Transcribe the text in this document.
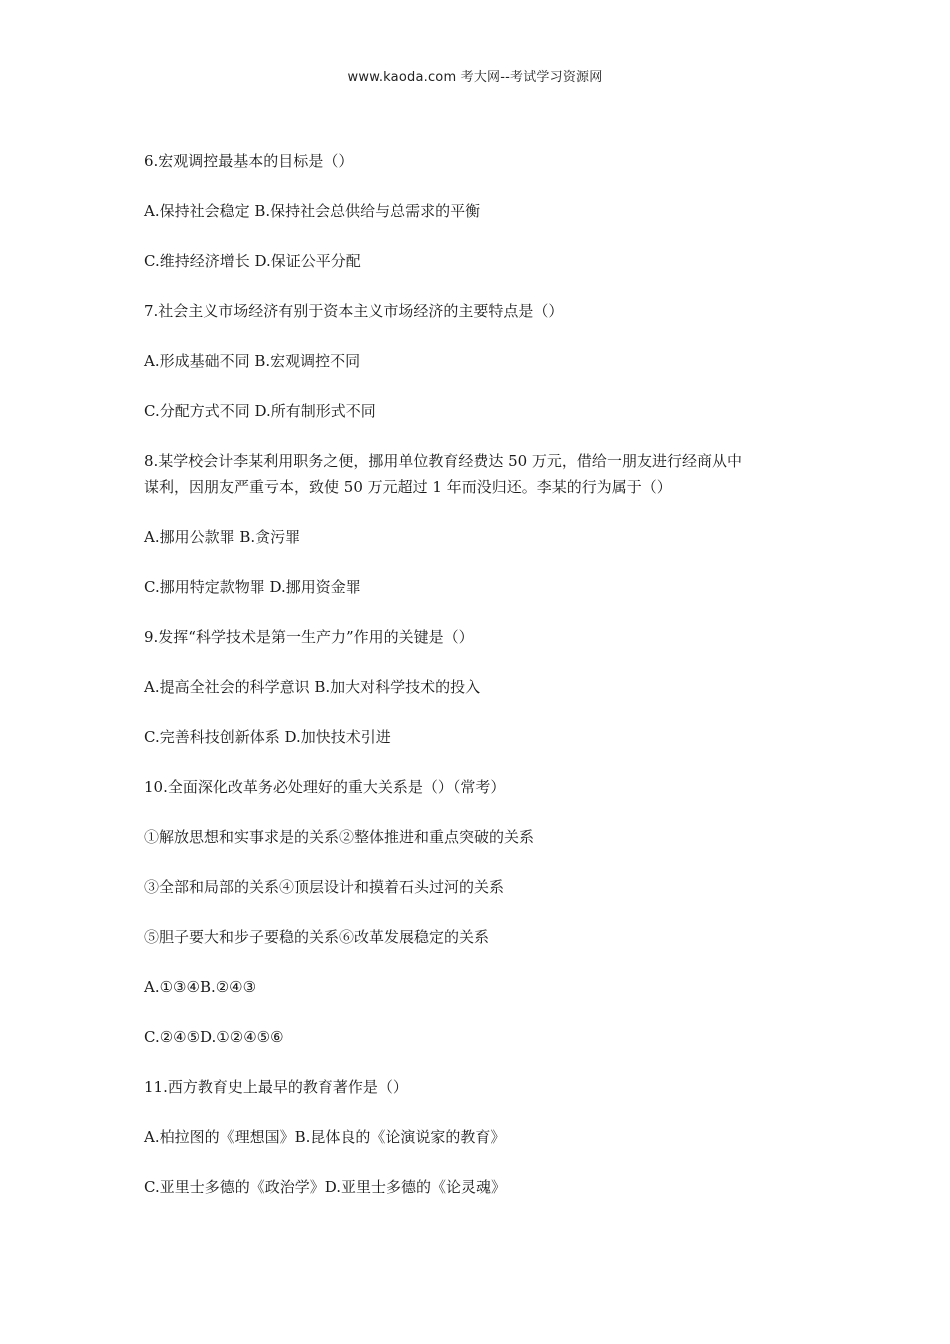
www.kaoda.com 考大网--考试学习资源网
6.宏观调控最基本的目标是（）
A.保持社会稳定 B.保持社会总供给与总需求的平衡
C.维持经济增长 D.保证公平分配
7.社会主义市场经济有别于资本主义市场经济的主要特点是（）
A.形成基础不同 B.宏观调控不同
C.分配方式不同 D.所有制形式不同
8.某学校会计李某利用职务之便，挪用单位教育经费达 50 万元，借给一朋友进行经商从中
谋利，因朋友严重亏本，致使 50 万元超过 1 年而没归还。李某的行为属于（）
A.挪用公款罪 B.贪污罪
C.挪用特定款物罪 D.挪用资金罪
9.发挥“科学技术是第一生产力”作用的关键是（）
A.提高全社会的科学意识 B.加大对科学技术的投入
C.完善科技创新体系 D.加快技术引进
10.全面深化改革务必处理好的重大关系是（）（常考）
①解放思想和实事求是的关系②整体推进和重点突破的关系
③全部和局部的关系④顶层设计和摸着石头过河的关系
⑤胆子要大和步子要稳的关系⑥改革发展稳定的关系
A.①③④B.②④③
C.②④⑤D.①②④⑤⑥
11.西方教育史上最早的教育著作是（）
A.柏拉图的《理想国》B.昆体良的《论演说家的教育》
C.亚里士多德的《政治学》D.亚里士多德的《论灵魂》
